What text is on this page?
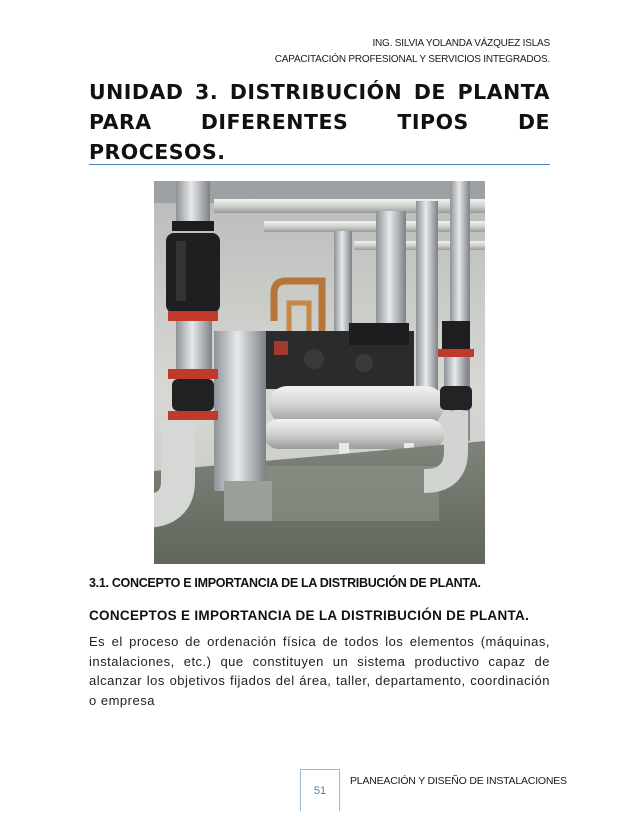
ING. SILVIA YOLANDA VÁZQUEZ ISLAS
CAPACITACIÓN PROFESIONAL Y SERVICIOS INTEGRADOS.
UNIDAD 3. DISTRIBUCIÓN DE PLANTA PARA DIFERENTES TIPOS DE PROCESOS.
3.1. CONCEPTO E IMPORTANCIA DE LA DISTRIBUCIÓN DE PLANTA.
CONCEPTOS E IMPORTANCIA DE LA DISTRIBUCIÓN DE PLANTA.

Es el proceso de ordenación física de todos los elementos (máquinas, instalaciones, etc.) que constituyen un sistema productivo capaz de alcanzar los objetivos fijados del área, taller, departamento, coordinación o empresa

51
PLANEACIÓN Y DISEÑO DE INSTALACIONES
